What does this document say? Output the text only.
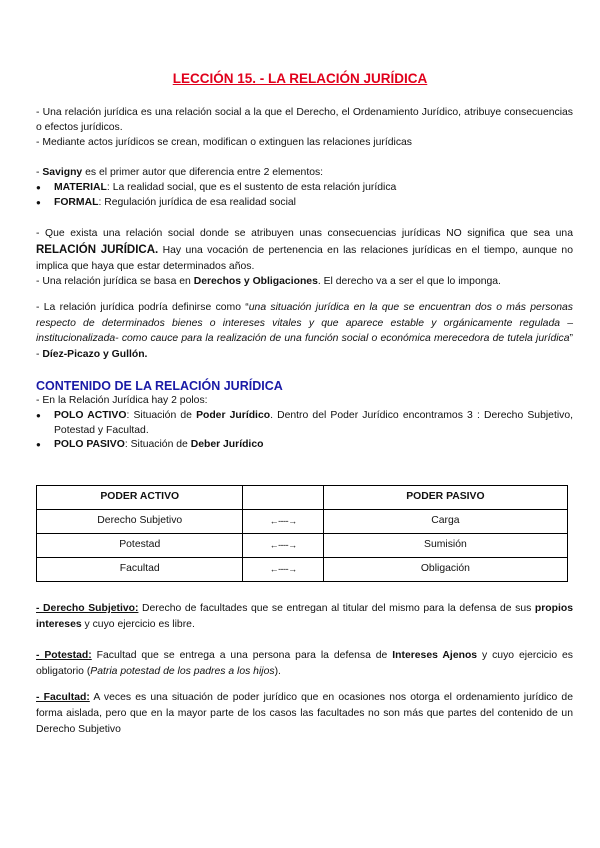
LECCIÓN 15. - LA RELACIÓN JURÍDICA

- Una relación jurídica es una relación social a la que el Derecho, el Ordenamiento Jurídico, atribuye consecuencias o efectos jurídicos.

- Mediante actos jurídicos se crean, modifican o extinguen las relaciones jurídicas

- Savigny es el primer autor que diferencia entre 2 elementos:

● MATERIAL: La realidad social, que es el sustento de esta relación jurídica
● FORMAL: Regulación jurídica de esa realidad social

- Que exista una relación social donde se atribuyen unas consecuencias jurídicas NO significa que sea una RELACIÓN JURÍDICA. Hay una vocación de pertenencia en las relaciones jurídicas en el tiempo, aunque no implica que haya que estar determinados años.

- Una relación jurídica se basa en Derechos y Obligaciones. El derecho va a ser el que lo imponga.

- La relación jurídica podría definirse como “una situación jurídica en la que se encuentran dos o más personas respecto de determinados bienes o intereses vitales y que aparece estable y orgánicamente regulada – institucionalizada- como cauce para la realización de una función social o económica merecedora de tutela jurídica” - Díez-Picazo y Gullón.

CONTENIDO DE LA RELACIÓN JURÍDICA

- En la Relación Jurídica hay 2 polos:

● POLO ACTIVO: Situación de Poder Jurídico. Dentro del Poder Jurídico encontramos 3 : Derecho Subjetivo, Potestad y Facultad.
● POLO PASIVO: Situación de Deber Jurídico
PODER ACTIVO		PODER PASIVO
Derecho Subjetivo	←----→	Carga
Potestad	←----→	Sumisión
Facultad	←----→	Obligación

- Derecho Subjetivo: Derecho de facultades que se entregan al titular del mismo para la defensa de sus propios intereses y cuyo ejercicio es libre.

- Potestad: Facultad que se entrega a una persona para la defensa de Intereses Ajenos y cuyo ejercicio es obligatorio (Patria potestad de los padres a los hijos).

- Facultad: A veces es una situación de poder jurídico que en ocasiones nos otorga el ordenamiento jurídico de forma aislada, pero que en la mayor parte de los casos las facultades no son más que partes del contenido de un Derecho Subjetivo
